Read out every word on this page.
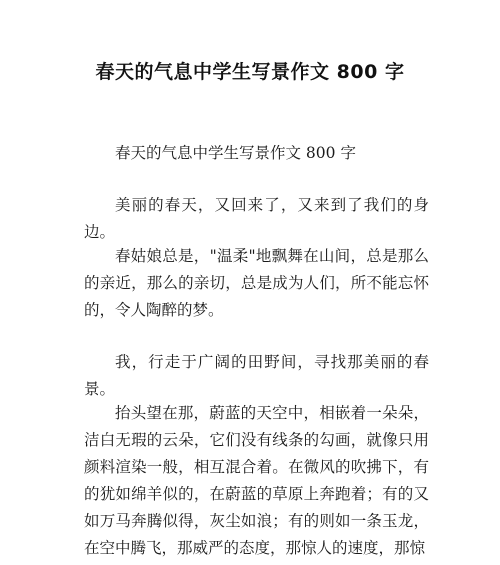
春天的气息中学生写景作文 800 字

春天的气息中学生写景作文 800 字

美丽的春天，又回来了，又来到了我们的身边。

春姑娘总是，"温柔"地飘舞在山间，总是那么的亲近，那么的亲切，总是成为人们，所不能忘怀的，令人陶醉的梦。

我，行走于广阔的田野间，寻找那美丽的春景。

抬头望在那，蔚蓝的天空中，相嵌着一朵朵，洁白无瑕的云朵，它们没有线条的勾画，就像只用颜料渲染一般，相互混合着。在微风的吹拂下，有的犹如绵羊似的，在蔚蓝的草原上奔跑着；有的又如万马奔腾似得，灰尘如浪；有的则如一条玉龙，在空中腾飞，那威严的态度，那惊人的速度，那惊
